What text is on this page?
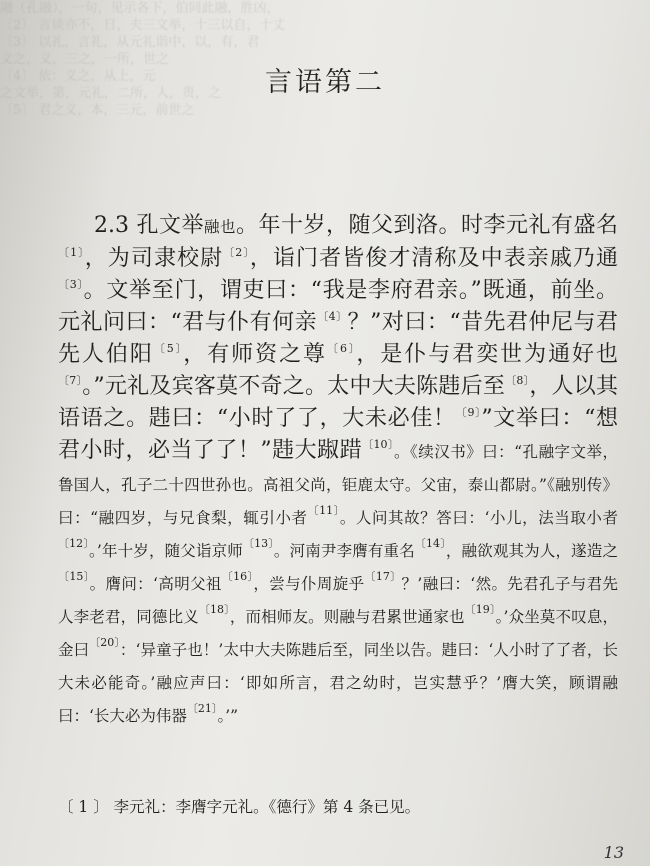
融（孔融），一句，见示各下，伯同此融，胜凶，
〔2〕 言谈亦不，日，夫三文举，十三以自，十丈
〔3〕 以礼，言礼，从元礼诣中，以，有，君
义之，义，三之，一所，世之
〔4〕 依：义之，从上，元
之文举，第，元礼，二所，人，贵，之
〔5〕 君之义，本，三元，前世之
言语第二

2.3 孔文举融也。年十岁，随父到洛。时李元礼有盛名$^{〔1〕}$，为司隶校尉$^{〔2〕}$，诣门者皆俊才清称及中表亲戚乃通$^{〔3〕}$。文举至门，谓吏曰：“我是李府君亲。”既通，前坐。元礼问曰：“君与仆有何亲$^{〔4〕}$？”对曰：“昔先君仲尼与君先人伯阳$^{〔5〕}$，有师资之尊$^{〔6〕}$，是仆与君奕世为通好也$^{〔7〕}$。”元礼及宾客莫不奇之。太中大夫陈韪后至$^{〔8〕}$，人以其语语之。韪曰：“小时了了，大未必佳！$^{〔9〕}$”文举曰：“想君小时，必当了了！”韪大踧踖$^{〔10〕}$。《续汉书》曰：“孔融字文举，鲁国人，孔子二十四世孙也。高祖父尚，钜鹿太守。父宙，泰山都尉。”《融别传》曰：“融四岁，与兄食梨，辄引小者$^{〔11〕}$。人问其故？答曰：‘小儿，法当取小者$^{〔12〕}$。’年十岁，随父诣京师$^{〔13〕}$。河南尹李膺有重名$^{〔14〕}$，融欲观其为人，遂造之$^{〔15〕}$。膺问：‘高明父祖$^{〔16〕}$，尝与仆周旋乎$^{〔17〕}$？’融曰：‘然。先君孔子与君先人李老君，同德比义$^{〔18〕}$，而相师友。则融与君累世通家也$^{〔19〕}$。’众坐莫不叹息，金曰$^{〔20〕}$：‘异童子也！’太中大夫陈韪后至，同坐以告。韪曰：‘人小时了了者，长大未必能奇。’融应声曰：‘即如所言，君之幼时，岂实慧乎？’膺大笑，顾谓融曰：‘长大必为伟器$^{〔21〕}$。’”

〔 1 〕 李元礼：李膺字元礼。《德行》第 4 条已见。
13
